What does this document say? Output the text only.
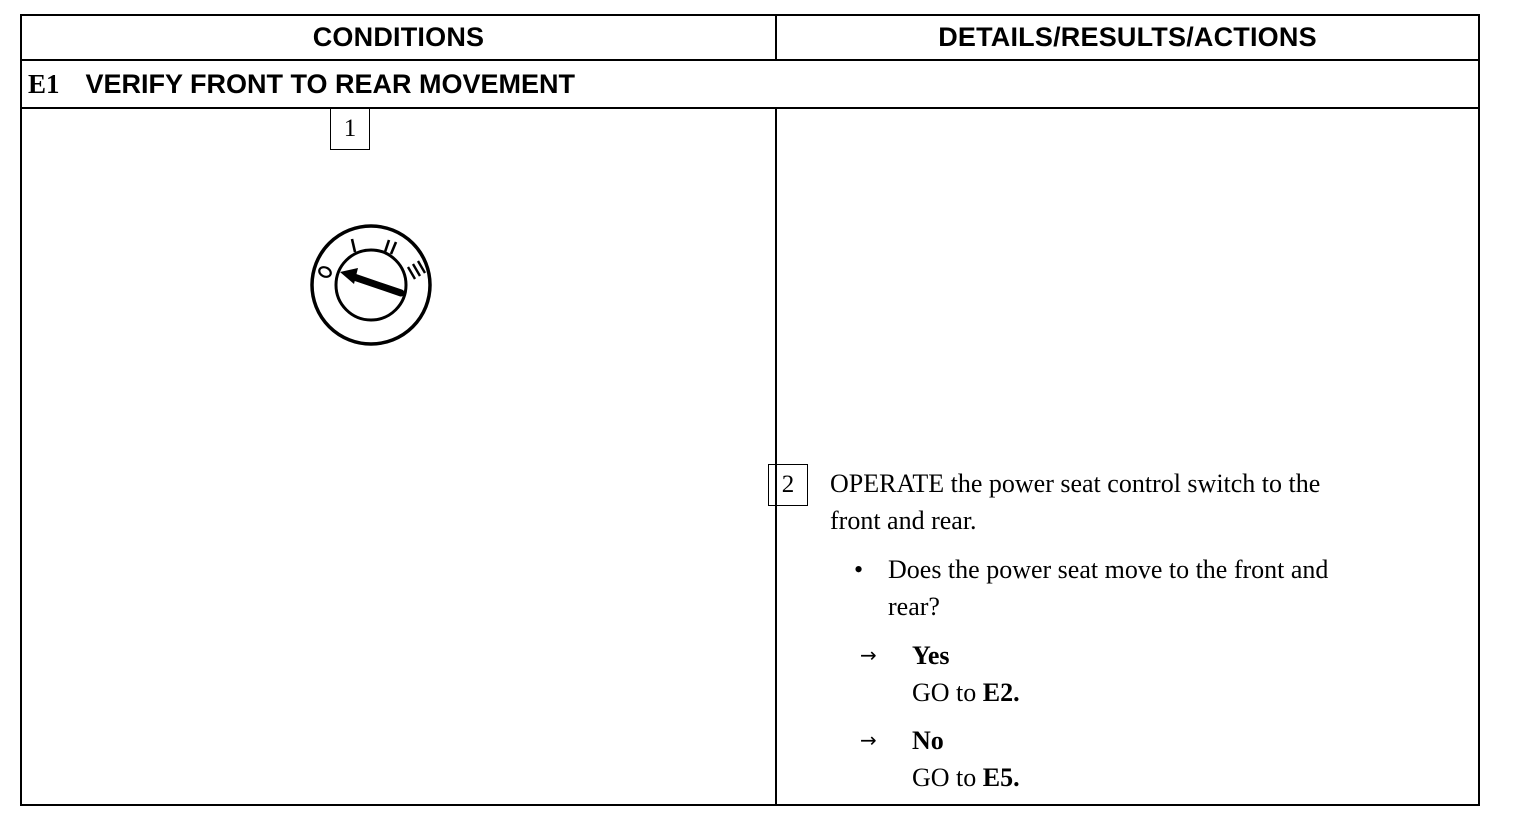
CONDITIONS	DETAILS/RESULTS/ACTIONS
E1 VERIFY FRONT TO REAR MOVEMENT
1
2	OPERATE the power seat control switch to the
front and rear.
• Does the power seat move to the front and
rear?
→	Yes
GO to E2.
→	No
GO to E5.
